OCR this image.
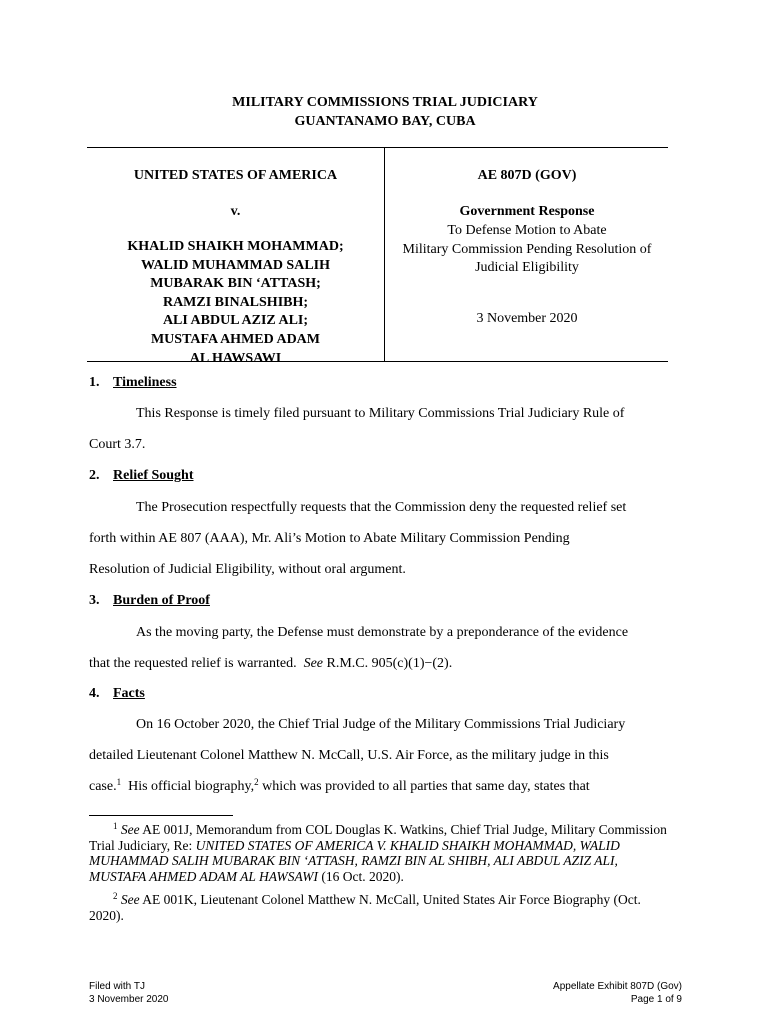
MILITARY COMMISSIONS TRIAL JUDICIARY
GUANTANAMO BAY, CUBA
UNITED STATES OF AMERICA
v.
KHALID SHAIKH MOHAMMAD;
WALID MUHAMMAD SALIH
MUBARAK BIN ‘ATTASH;
RAMZI BINALSHIBH;
ALI ABDUL AZIZ ALI;
MUSTAFA AHMED ADAM
AL HAWSAWI
AE 807D (GOV)
Government Response
To Defense Motion to Abate
Military Commission Pending Resolution of
Judicial Eligibility
3 November 2020
1. Timeliness
This Response is timely filed pursuant to Military Commissions Trial Judiciary Rule of
Court 3.7.
2. Relief Sought
The Prosecution respectfully requests that the Commission deny the requested relief set
forth within AE 807 (AAA), Mr. Ali’s Motion to Abate Military Commission Pending
Resolution of Judicial Eligibility, without oral argument.
3. Burden of Proof
As the moving party, the Defense must demonstrate by a preponderance of the evidence
that the requested relief is warranted. See R.M.C. 905(c)(1)−(2).
4. Facts
On 16 October 2020, the Chief Trial Judge of the Military Commissions Trial Judiciary
detailed Lieutenant Colonel Matthew N. McCall, U.S. Air Force, as the military judge in this
case.$^1$ His official biography,$^2$ which was provided to all parties that same day, states that
$^1$ See AE 001J, Memorandum from COL Douglas K. Watkins, Chief Trial Judge, Military Commission Trial Judiciary, Re: UNITED STATES OF AMERICA V. KHALID SHAIKH MOHAMMAD, WALID MUHAMMAD SALIH MUBARAK BIN ‘ATTASH, RAMZI BIN AL SHIBH, ALI ABDUL AZIZ ALI, MUSTAFA AHMED ADAM AL HAWSAWI (16 Oct. 2020).
$^2$ See AE 001K, Lieutenant Colonel Matthew N. McCall, United States Air Force Biography (Oct. 2020).
Filed with TJ
3 November 2020
Appellate Exhibit 807D (Gov)
Page 1 of 9
